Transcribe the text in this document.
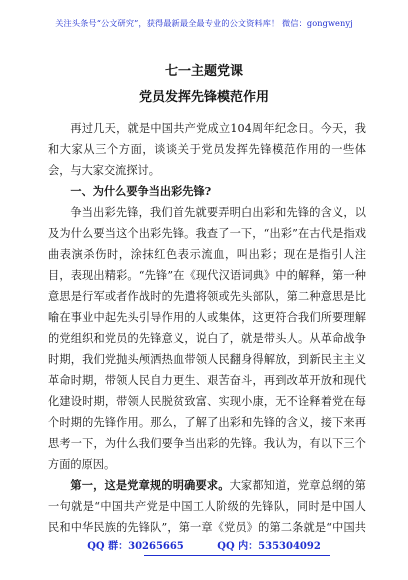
关注头条号“公文研究”，获得最新最全最专业的公文资料库！ 微信：gongwenyj
七一主题党课
党员发挥先锋模范作用

再过几天，就是中国共产党成立104周年纪念日。今天，我和大家从三个方面，谈谈关于党员发挥先锋模范作用的一些体会，与大家交流探讨。

一、为什么要争当出彩先锋?

争当出彩先锋，我们首先就要弄明白出彩和先锋的含义，以及为什么要当这个出彩先锋。我查了一下，“出彩”在古代是指戏曲表演杀伤时，涂抹红色表示流血，叫出彩；现在是指引人注目，表现出精彩。“先锋”在《现代汉语词典》中的解释，第一种意思是行军或者作战时的先遣将领或先头部队，第二种意思是比喻在事业中起先头引导作用的人或集体，这更符合我们所要理解的党组织和党员的先锋意义，说白了，就是带头人。从革命战争时期，我们党抛头颅洒热血带领人民翻身得解放，到新民主主义革命时期，带领人民自力更生、艰苦奋斗，再到改革开放和现代化建设时期，带领人民脱贫致富、实现小康，无不诠释着党在每个时期的先锋作用。那么，了解了出彩和先锋的含义，接下来再思考一下，为什么我们要争当出彩的先锋。我认为，有以下三个方面的原因。

第一，这是党章规的明确要求。大家都知道，党章总纲的第一句就是“中国共产党是中国工人阶级的先锋队，同时是中国人民和中华民族的先锋队”，第一章《党员》的第二条就是“中国共

QQ 群：30265665	QQ 内：535304092
